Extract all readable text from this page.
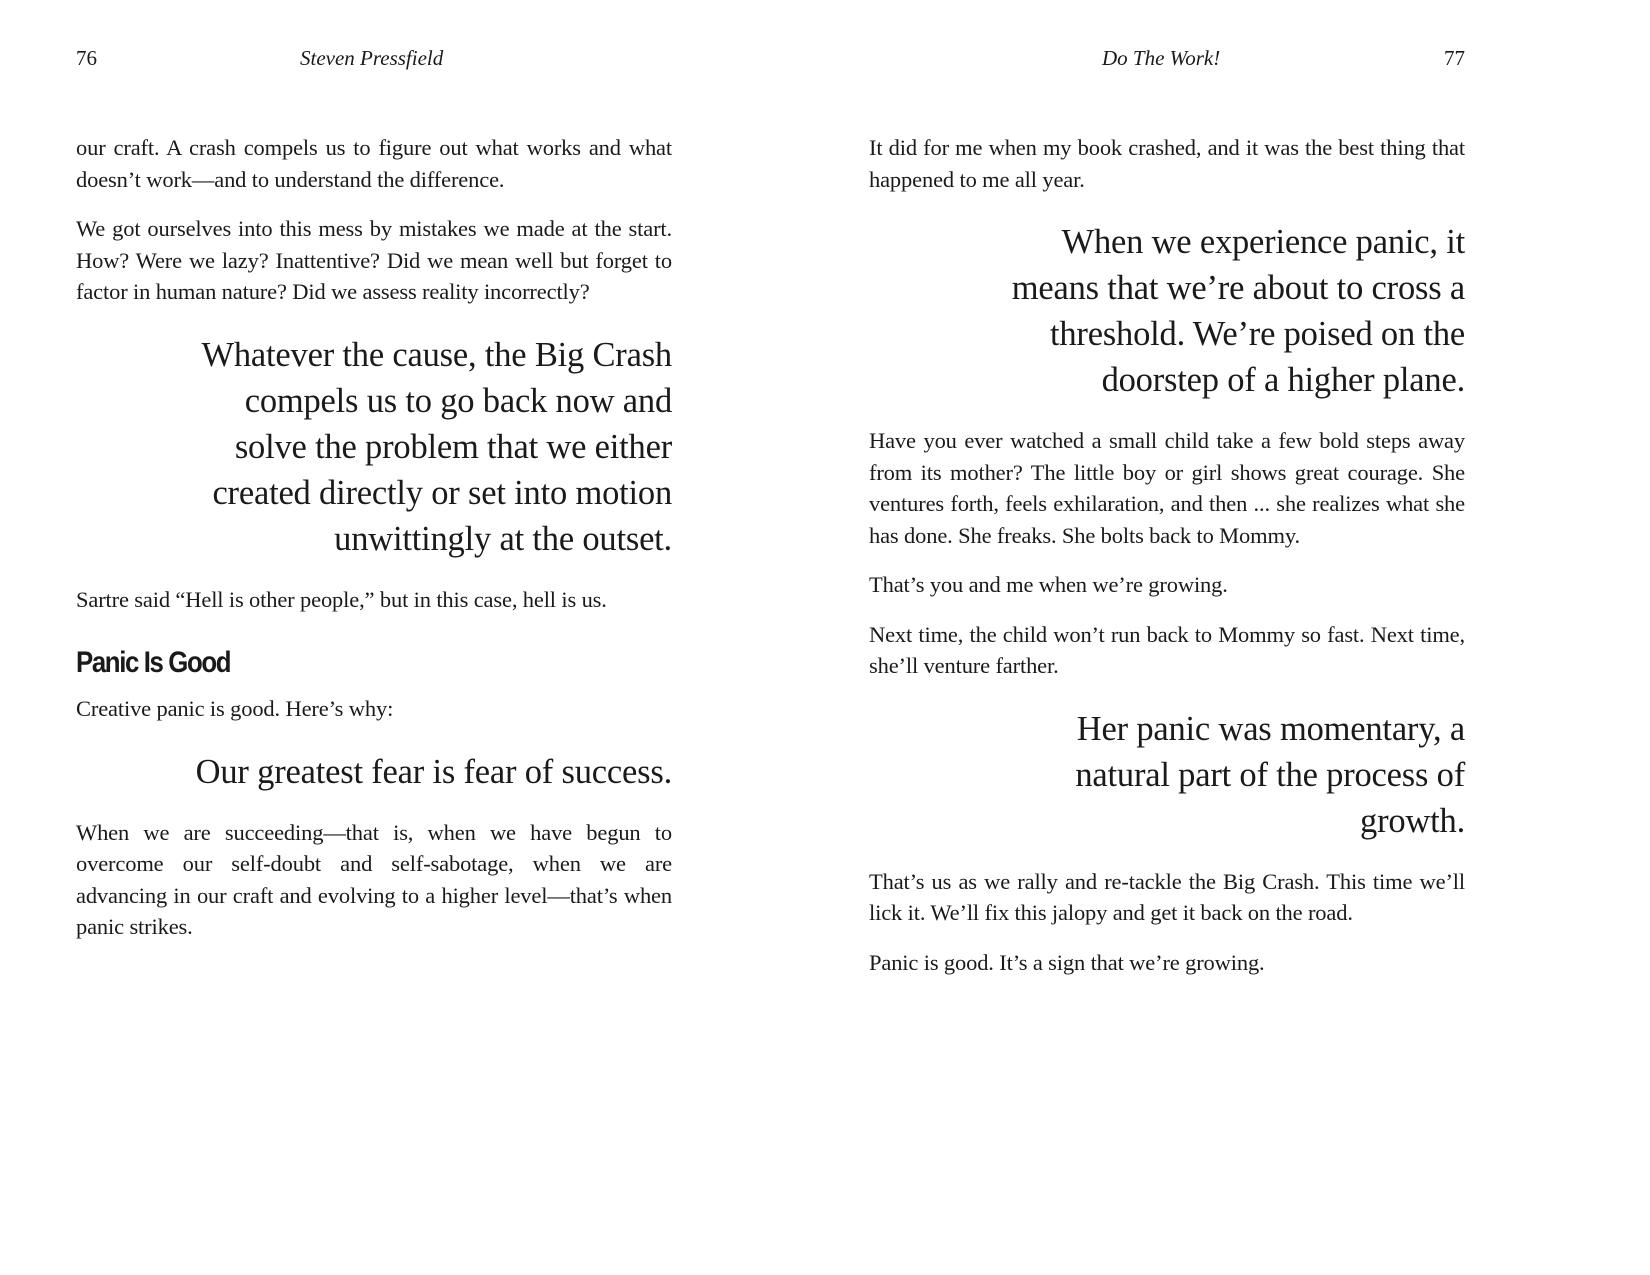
76	Steven Pressfield

our craft. A crash compels us to figure out what works and what doesn’t work—and to understand the difference.

We got ourselves into this mess by mistakes we made at the start. How? Were we lazy? Inattentive? Did we mean well but forget to factor in human nature? Did we assess reality incorrectly?

Whatever the cause, the Big Crash compels us to go back now and solve the problem that we either created directly or set into motion unwittingly at the outset.

Sartre said “Hell is other people,” but in this case, hell is us.

Panic Is Good

Creative panic is good. Here’s why:

Our greatest fear is fear of success.

When we are succeeding—that is, when we have begun to overcome our self-doubt and self-sabotage, when we are advancing in our craft and evolving to a higher level—that’s when panic strikes.

Do The Work!	77

It did for me when my book crashed, and it was the best thing that happened to me all year.

When we experience panic, it means that we’re about to cross a threshold. We’re poised on the doorstep of a higher plane.

Have you ever watched a small child take a few bold steps away from its mother? The little boy or girl shows great courage. She ventures forth, feels exhilaration, and then ... she realizes what she has done. She freaks. She bolts back to Mommy.

That’s you and me when we’re growing.

Next time, the child won’t run back to Mommy so fast. Next time, she’ll venture farther.

Her panic was momentary, a natural part of the process of growth.

That’s us as we rally and re-tackle the Big Crash. This time we’ll lick it. We’ll fix this jalopy and get it back on the road.

Panic is good. It’s a sign that we’re growing.
